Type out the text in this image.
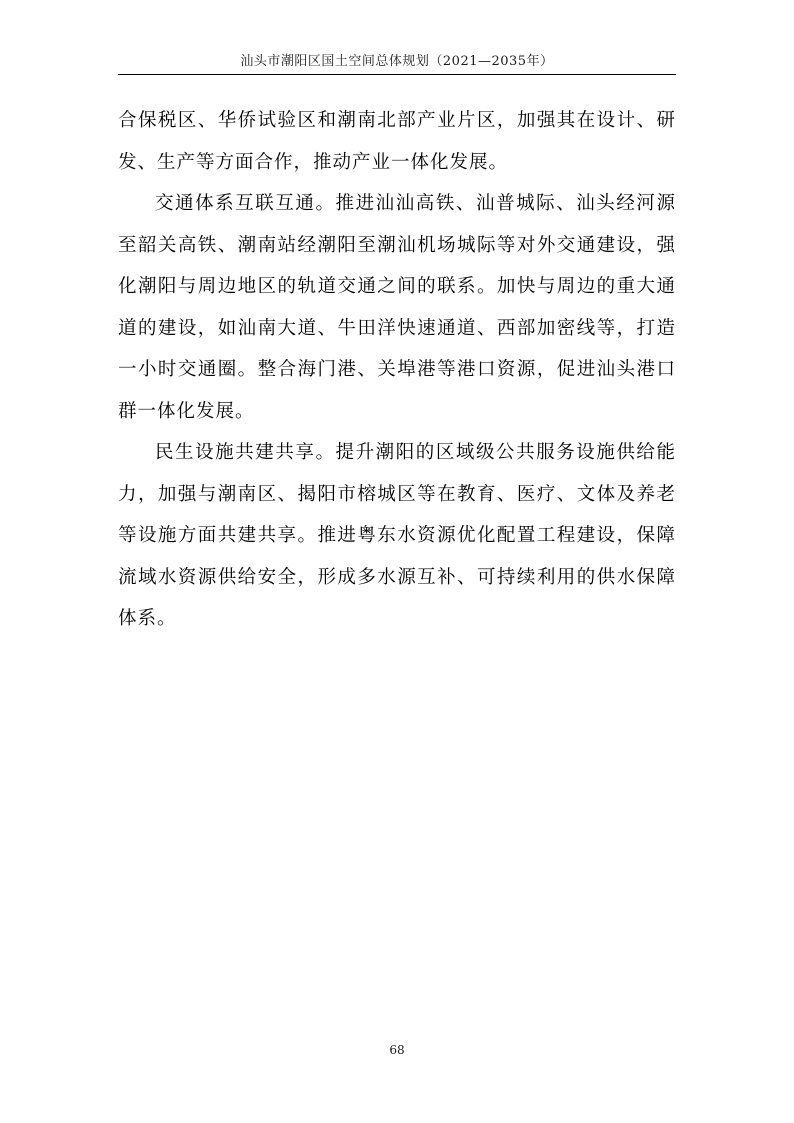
汕头市潮阳区国土空间总体规划（2021—2035年）

合保税区、华侨试验区和潮南北部产业片区，加强其在设计、研发、生产等方面合作，推动产业一体化发展。

交通体系互联互通。推进汕汕高铁、汕普城际、汕头经河源至韶关高铁、潮南站经潮阳至潮汕机场城际等对外交通建设，强化潮阳与周边地区的轨道交通之间的联系。加快与周边的重大通道的建设，如汕南大道、牛田洋快速通道、西部加密线等，打造一小时交通圈。整合海门港、关埠港等港口资源，促进汕头港口群一体化发展。

民生设施共建共享。提升潮阳的区域级公共服务设施供给能力，加强与潮南区、揭阳市榕城区等在教育、医疗、文体及养老等设施方面共建共享。推进粤东水资源优化配置工程建设，保障流域水资源供给安全，形成多水源互补、可持续利用的供水保障体系。

68
